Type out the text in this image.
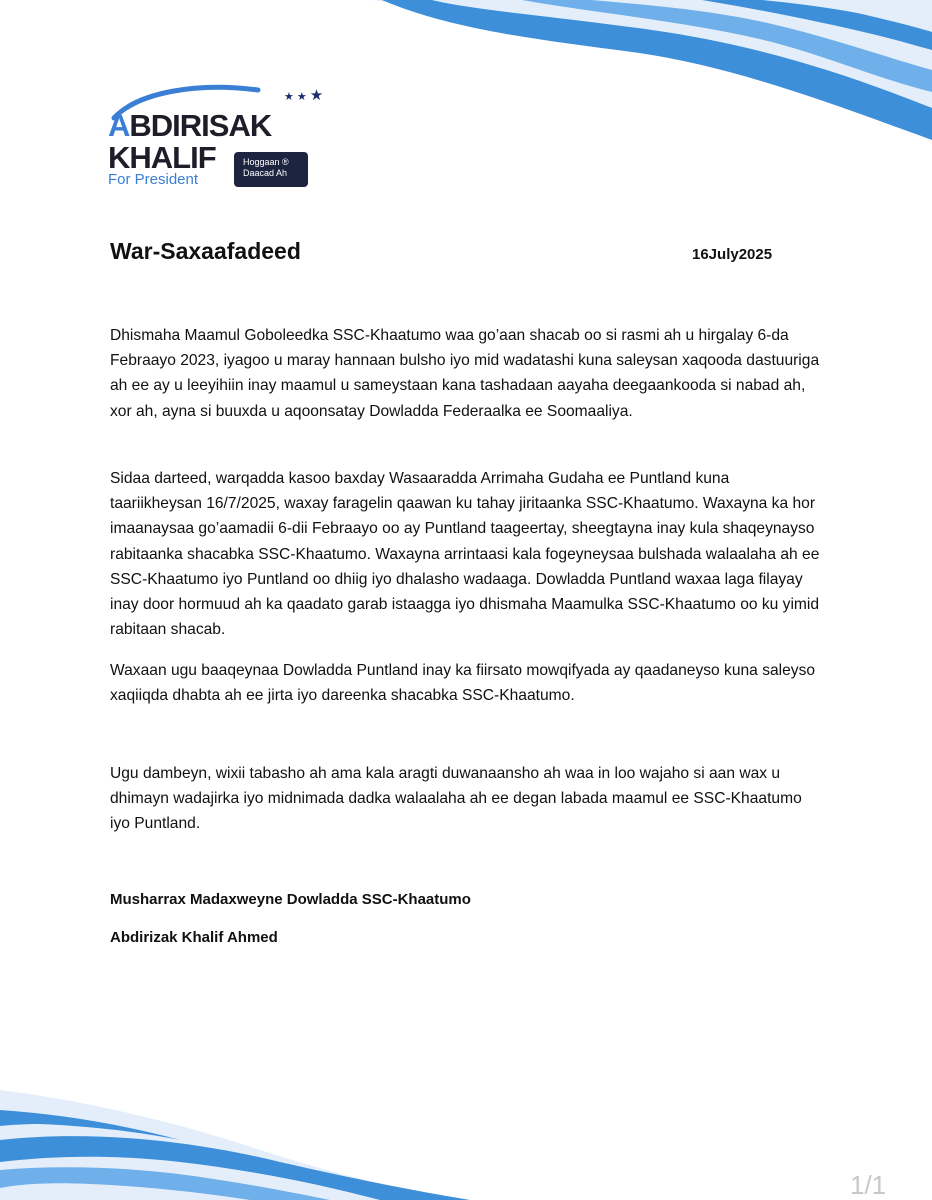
★★★
ABDIRISAK
KHALIF
For President
Hoggaan ®
Daacad Ah
War-Saxaafadeed	16July2025

Dhismaha Maamul Goboleedka SSC-Khaatumo waa go’aan shacab oo si rasmi ah u hirgalay 6-da Febraayo 2023, iyagoo u maray hannaan bulsho iyo mid wadatashi kuna saleysan xaqooda dastuuriga ah ee ay u leeyihiin inay maamul u sameystaan kana tashadaan aayaha deegaankooda si nabad ah, xor ah, ayna si buuxda u aqoonsatay Dowladda Federaalka ee Soomaaliya.

Sidaa darteed, warqadda kasoo baxday Wasaaradda Arrimaha Gudaha ee Puntland kuna taariikheysan 16/7/2025, waxay faragelin qaawan ku tahay jiritaanka SSC-Khaatumo. Waxayna ka hor imaanaysaa go’aamadii 6-dii Febraayo oo ay Puntland taageertay, sheegtayna inay kula shaqeynayso rabitaanka shacabka SSC-Khaatumo. Waxayna arrintaasi kala fogeyneysaa bulshada walaalaha ah ee SSC-Khaatumo iyo Puntland oo dhiig iyo dhalasho wadaaga. Dowladda Puntland waxaa laga filayay inay door hormuud ah ka qaadato garab istaagga iyo dhismaha Maamulka SSC-Khaatumo oo ku yimid rabitaan shacab.

Waxaan ugu baaqeynaa Dowladda Puntland inay ka fiirsato mowqifyada ay qaadaneyso kuna saleyso xaqiiqda dhabta ah ee jirta iyo dareenka shacabka SSC-Khaatumo.

Ugu dambeyn, wixii tabasho ah ama kala aragti duwanaansho ah waa in loo wajaho si aan wax u dhimayn wadajirka iyo midnimada dadka walaalaha ah ee degan labada maamul ee SSC-Khaatumo iyo Puntland.

Musharrax Madaxweyne Dowladda SSC-Khaatumo
Abdirizak Khalif Ahmed
1/1
